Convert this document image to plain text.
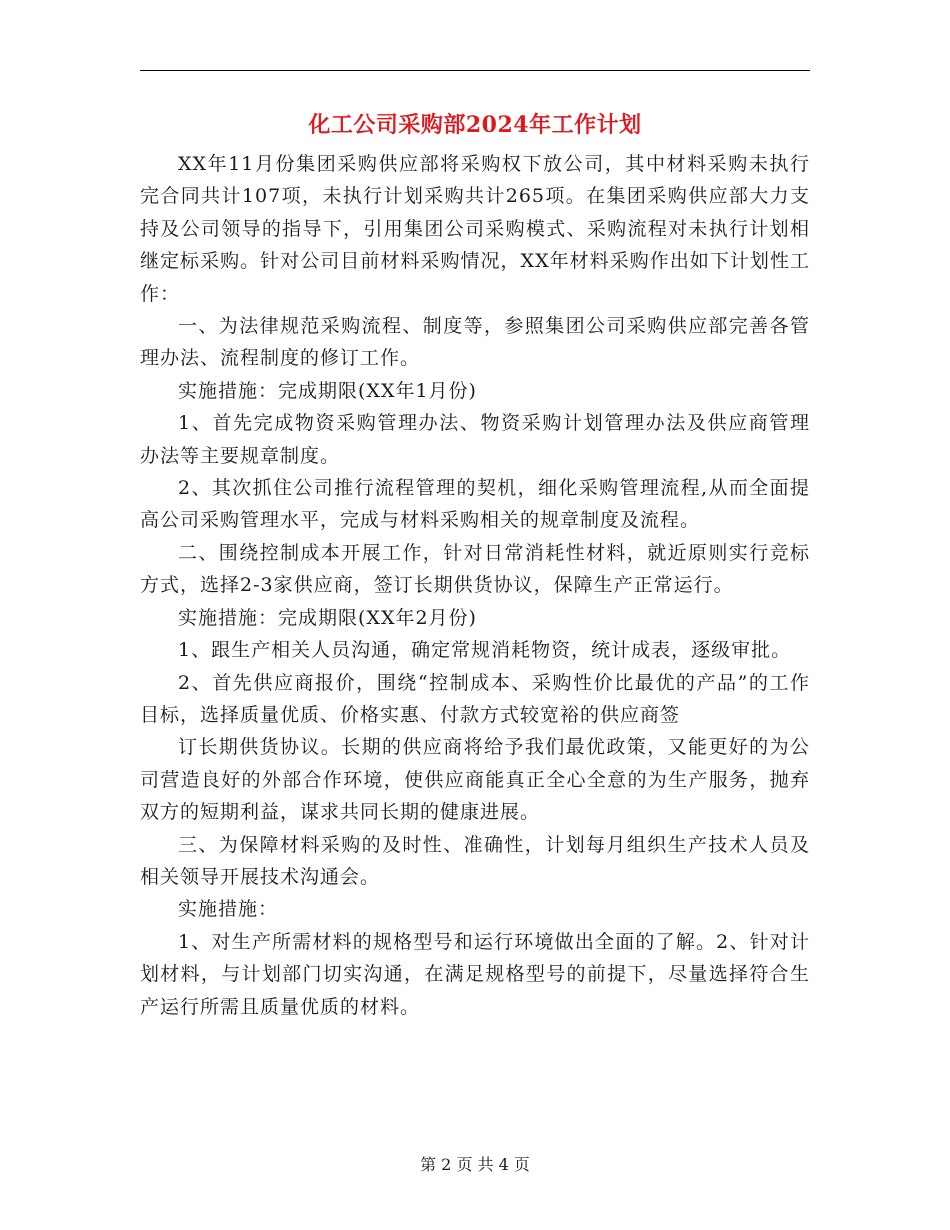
化工公司采购部2024年工作计划

XX年11月份集团采购供应部将采购权下放公司，其中材料采购未执行完合同共计107项，未执行计划采购共计265项。在集团采购供应部大力支持及公司领导的指导下，引用集团公司采购模式、采购流程对未执行计划相继定标采购。针对公司目前材料采购情况，XX年材料采购作出如下计划性工作：

一、为法律规范采购流程、制度等，参照集团公司采购供应部完善各管理办法、流程制度的修订工作。

实施措施：完成期限(XX年1月份)

1、首先完成物资采购管理办法、物资采购计划管理办法及供应商管理办法等主要规章制度。

2、其次抓住公司推行流程管理的契机，细化采购管理流程,从而全面提高公司采购管理水平，完成与材料采购相关的规章制度及流程。

二、围绕控制成本开展工作，针对日常消耗性材料，就近原则实行竞标方式，选择2-3家供应商，签订长期供货协议，保障生产正常运行。

实施措施：完成期限(XX年2月份)

1、跟生产相关人员沟通，确定常规消耗物资，统计成表，逐级审批。

2、首先供应商报价，围绕“控制成本、采购性价比最优的产品”的工作目标，选择质量优质、价格实惠、付款方式较宽裕的供应商签

订长期供货协议。长期的供应商将给予我们最优政策，又能更好的为公司营造良好的外部合作环境，使供应商能真正全心全意的为生产服务，抛弃双方的短期利益，谋求共同长期的健康进展。

三、为保障材料采购的及时性、准确性，计划每月组织生产技术人员及相关领导开展技术沟通会。

实施措施：

1、对生产所需材料的规格型号和运行环境做出全面的了解。2、针对计划材料，与计划部门切实沟通，在满足规格型号的前提下，尽量选择符合生产运行所需且质量优质的材料。

第 2 页 共 4 页
